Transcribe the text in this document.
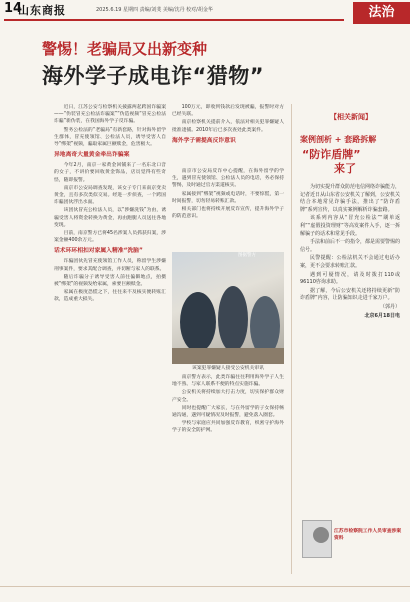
14
山东商报	2025.6.19 星期四 责编/刘斐 美编/沈丹 校对/胡金华	法治
警惕！老骗局又出新变种
海外学子成电诈“猎物”

近日，江苏公安与检察机关披露两起跨国诈骗案——“伪装冒充公检法诈骗案”“伪造视频“冒充公检法诈骗”新伪装，在我国海外学子反诈骗。

警务公检法的“老骗局”有新套路，针对海外留学生群体，冒充使领馆、公检法人员，诱导受害人自导“绑架”视频，骗取家属巨额赎金，危害极大。

异地离奇大量黄金牵出诈骗案

今年2月，南京一家黄金回铺来了一名东北口音的女子，不讲价要回收黄金饰品，店员觉得有些奇怪，随即报警。

南京市公安局调查发现，该女子专门来南京变卖黄金，且有多次类似交易。经进一步侦查，一个跨国诈骗团伙浮出水面。

该团伙冒充公检法人员，以“涉嫌洗钱”为由，诱骗受害人将资金转换为黄金，再由跑腿人员送往各地变现。

目前，南京警方已将45名涉案人员抓获归案，涉案金额400余万元。

话术环环相扣对家属入精准“洗脑”

诈骗团伙先冒充使领馆工作人员，称留学生涉嫌刑事案件，要求其配合调查，并切断与家人的联系。

随后诈骗分子诱导受害人前往偏僻地点，拍摄被“绑架”的视频发给家属，索要巨额赎金。

家属在极度恐慌之下，往往来不及核实便转账汇款，造成重大损失。

100万元，即收到钱款后发现被骗，报警时对方已经失联。

南京检察机关提前介入，依法对相关犯罪嫌疑人批准逮捕。2010年后已多次查处此类案件。

海外学子需提高反诈意识

南京市公安局反诈中心提醒，在海外留学的学生，遇到冒充使领馆、公检法人员的电话，务必保持警惕，及时通过官方渠道核实。

家属接到“绑架”视频或电话时，不要惊慌，第一时间报警，切勿轻易转账汇款。

相关部门也将持续开展反诈宣传，提升海外学子的防范意识。

图据警方
该案犯罪嫌疑人接受公安机关审讯

南京警方表示，此类诈骗往往利用海外学子人生地不熟、与家人联系不便的特点实施诈骗。

公安机关将持续加大打击力度，切实保护群众财产安全。

同时也提醒广大家长，与在外留学的子女保持畅通沟通，遇到可疑情况及时报警，避免落入圈套。

学校与家庭应共同加强反诈教育，织密守护海外学子的安全防护网。

【相关新闻】
案例剖析 + 套路拆解
“防诈盾牌”
来了

为切实提升群众防范电信网络诈骗能力，记者近日从山东省公安机关了解到，公安机关结合本地常见诈骗手法，推出了“防诈盾牌”系列宣传，以真实案例解析诈骗套路。

该系列内容从“冒充公检法”“刷单返利”“虚假投资理财”等高发案件入手，逐一拆解骗子的话术和常见手段。

手法和前后不一的指令，都是需要警惕的信号。

民警提醒：公检法机关不会通过电话办案，更不会要求转账汇款。

遇到可疑情况，请及时拨打110或96110咨询求助。

据了解，今后公安机关还将持续更新“防诈盾牌”内容，让防骗知识走进千家万户。

（郭丹）

北京6月18日电

江苏市检察院工作人员审查涉案资料
